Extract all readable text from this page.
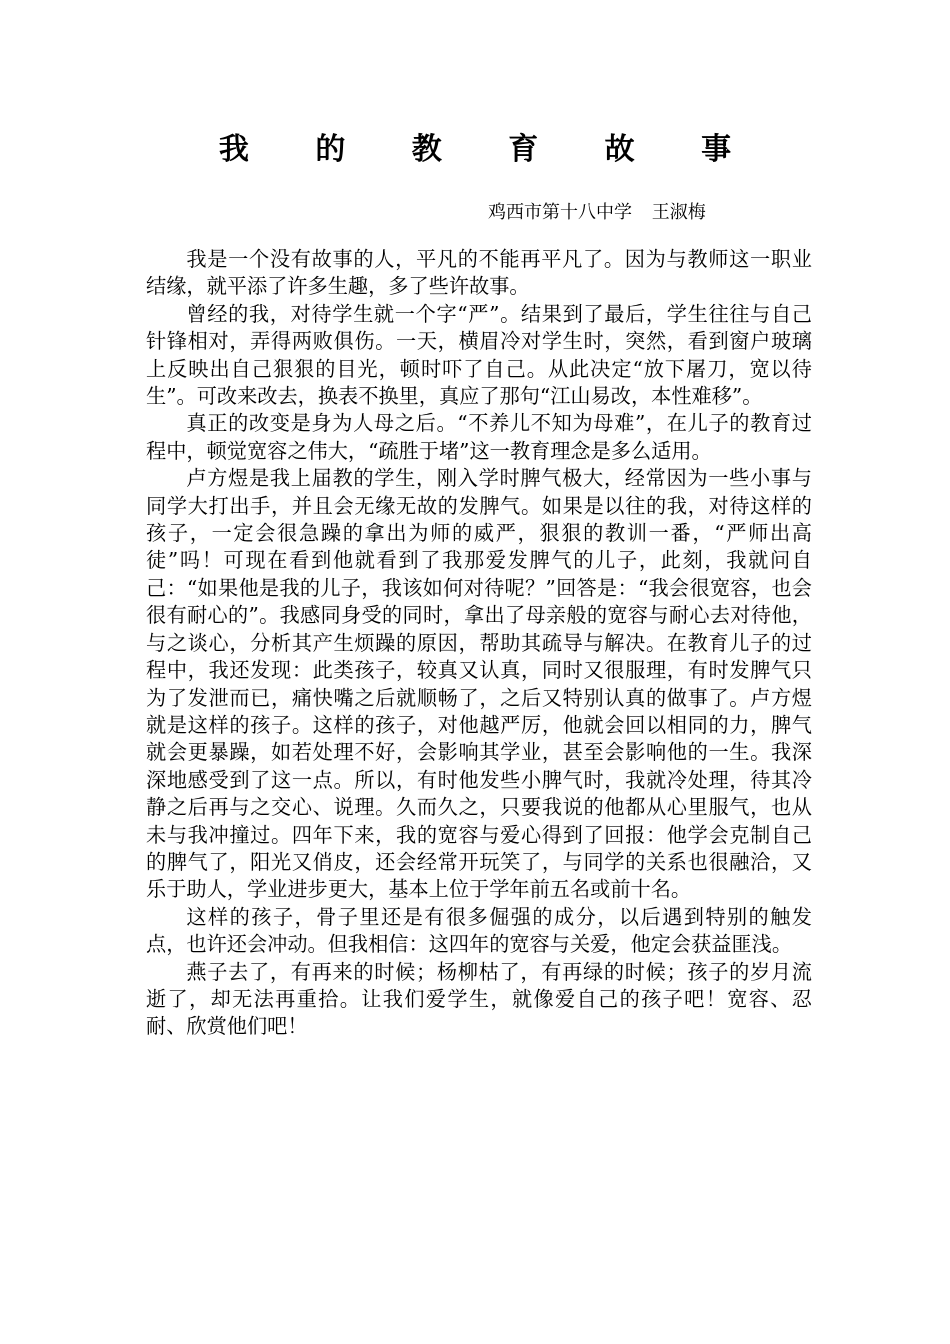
我 的 教 育 故 事
鸡西市第十八中学 王淑梅

我是一个没有故事的人，平凡的不能再平凡了。因为与教师这一职业结缘，就平添了许多生趣，多了些许故事。

曾经的我，对待学生就一个字“严”。结果到了最后，学生往往与自己针锋相对，弄得两败俱伤。一天，横眉冷对学生时，突然，看到窗户玻璃上反映出自己狠狠的目光，顿时吓了自己。从此决定“放下屠刀，宽以待生”。可改来改去，换表不换里，真应了那句“江山易改，本性难移”。

真正的改变是身为人母之后。“不养儿不知为母难”，在儿子的教育过程中，顿觉宽容之伟大，“疏胜于堵”这一教育理念是多么适用。

卢方煜是我上届教的学生，刚入学时脾气极大，经常因为一些小事与同学大打出手，并且会无缘无故的发脾气。如果是以往的我，对待这样的孩子，一定会很急躁的拿出为师的威严，狠狠的教训一番，“严师出高徒”吗！可现在看到他就看到了我那爱发脾气的儿子，此刻，我就问自己：“如果他是我的儿子，我该如何对待呢？”回答是：“我会很宽容，也会很有耐心的”。我感同身受的同时，拿出了母亲般的宽容与耐心去对待他，与之谈心，分析其产生烦躁的原因，帮助其疏导与解决。在教育儿子的过程中，我还发现：此类孩子，较真又认真，同时又很服理，有时发脾气只为了发泄而已，痛快嘴之后就顺畅了，之后又特别认真的做事了。卢方煜就是这样的孩子。这样的孩子，对他越严厉，他就会回以相同的力，脾气就会更暴躁，如若处理不好，会影响其学业，甚至会影响他的一生。我深深地感受到了这一点。所以，有时他发些小脾气时，我就冷处理，待其冷静之后再与之交心、说理。久而久之，只要我说的他都从心里服气，也从未与我冲撞过。四年下来，我的宽容与爱心得到了回报：他学会克制自己的脾气了，阳光又俏皮，还会经常开玩笑了，与同学的关系也很融洽，又乐于助人，学业进步更大，基本上位于学年前五名或前十名。

这样的孩子，骨子里还是有很多倔强的成分，以后遇到特别的触发点，也许还会冲动。但我相信：这四年的宽容与关爱，他定会获益匪浅。

燕子去了，有再来的时候；杨柳枯了，有再绿的时候；孩子的岁月流逝了，却无法再重拾。让我们爱学生，就像爱自己的孩子吧！宽容、忍耐、欣赏他们吧！
